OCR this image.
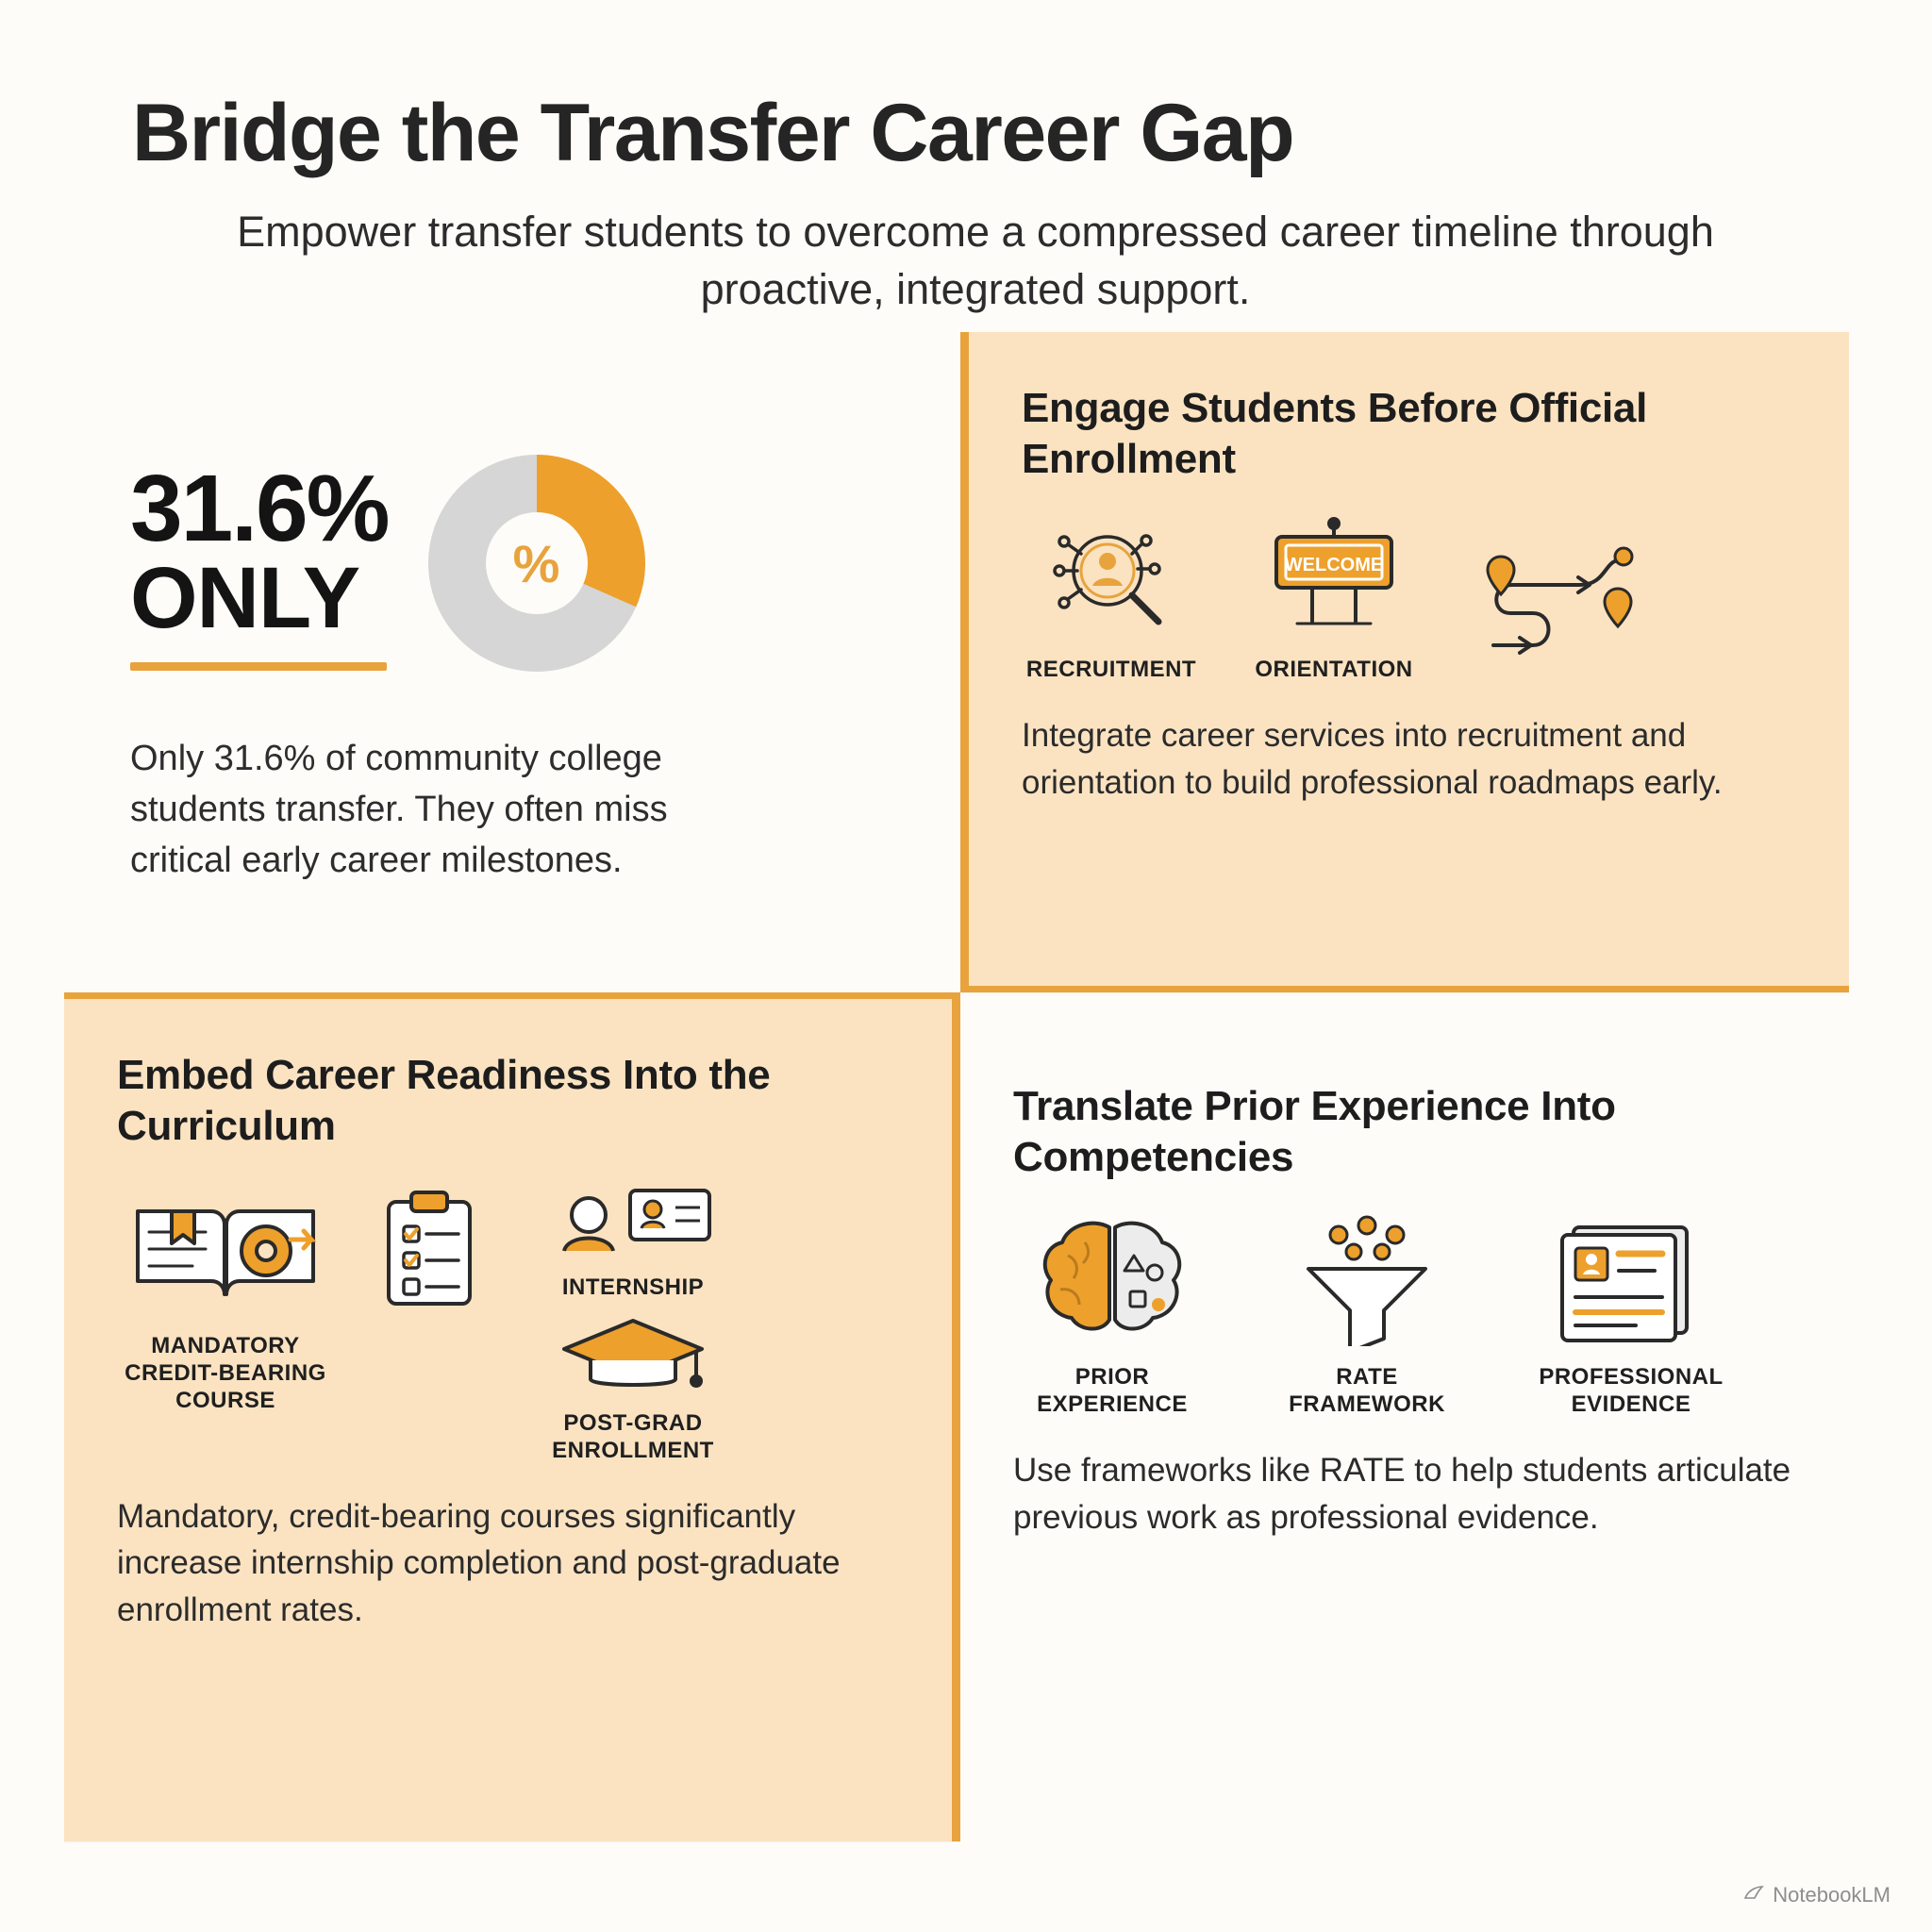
Bridge the Transfer Career Gap

Empower transfer students to overcome a compressed career timeline through proactive, integrated support.

31.6%
ONLY	%

Only 31.6% of community college students transfer. They often miss critical early career milestones.

Engage Students Before Official Enrollment
RECRUITMENT
WELCOME
ORIENTATION

Integrate career services into recruitment and orientation to build professional roadmaps early.

Embed Career Readiness Into the Curriculum
MANDATORY CREDIT-BEARING COURSE
INTERNSHIP
POST-GRAD ENROLLMENT

Mandatory, credit-bearing courses significantly increase internship completion and post-graduate enrollment rates.

Translate Prior Experience Into Competencies
PRIOR EXPERIENCE
RATE FRAMEWORK
PROFESSIONAL EVIDENCE

Use frameworks like RATE to help students articulate previous work as professional evidence.

NotebookLM
